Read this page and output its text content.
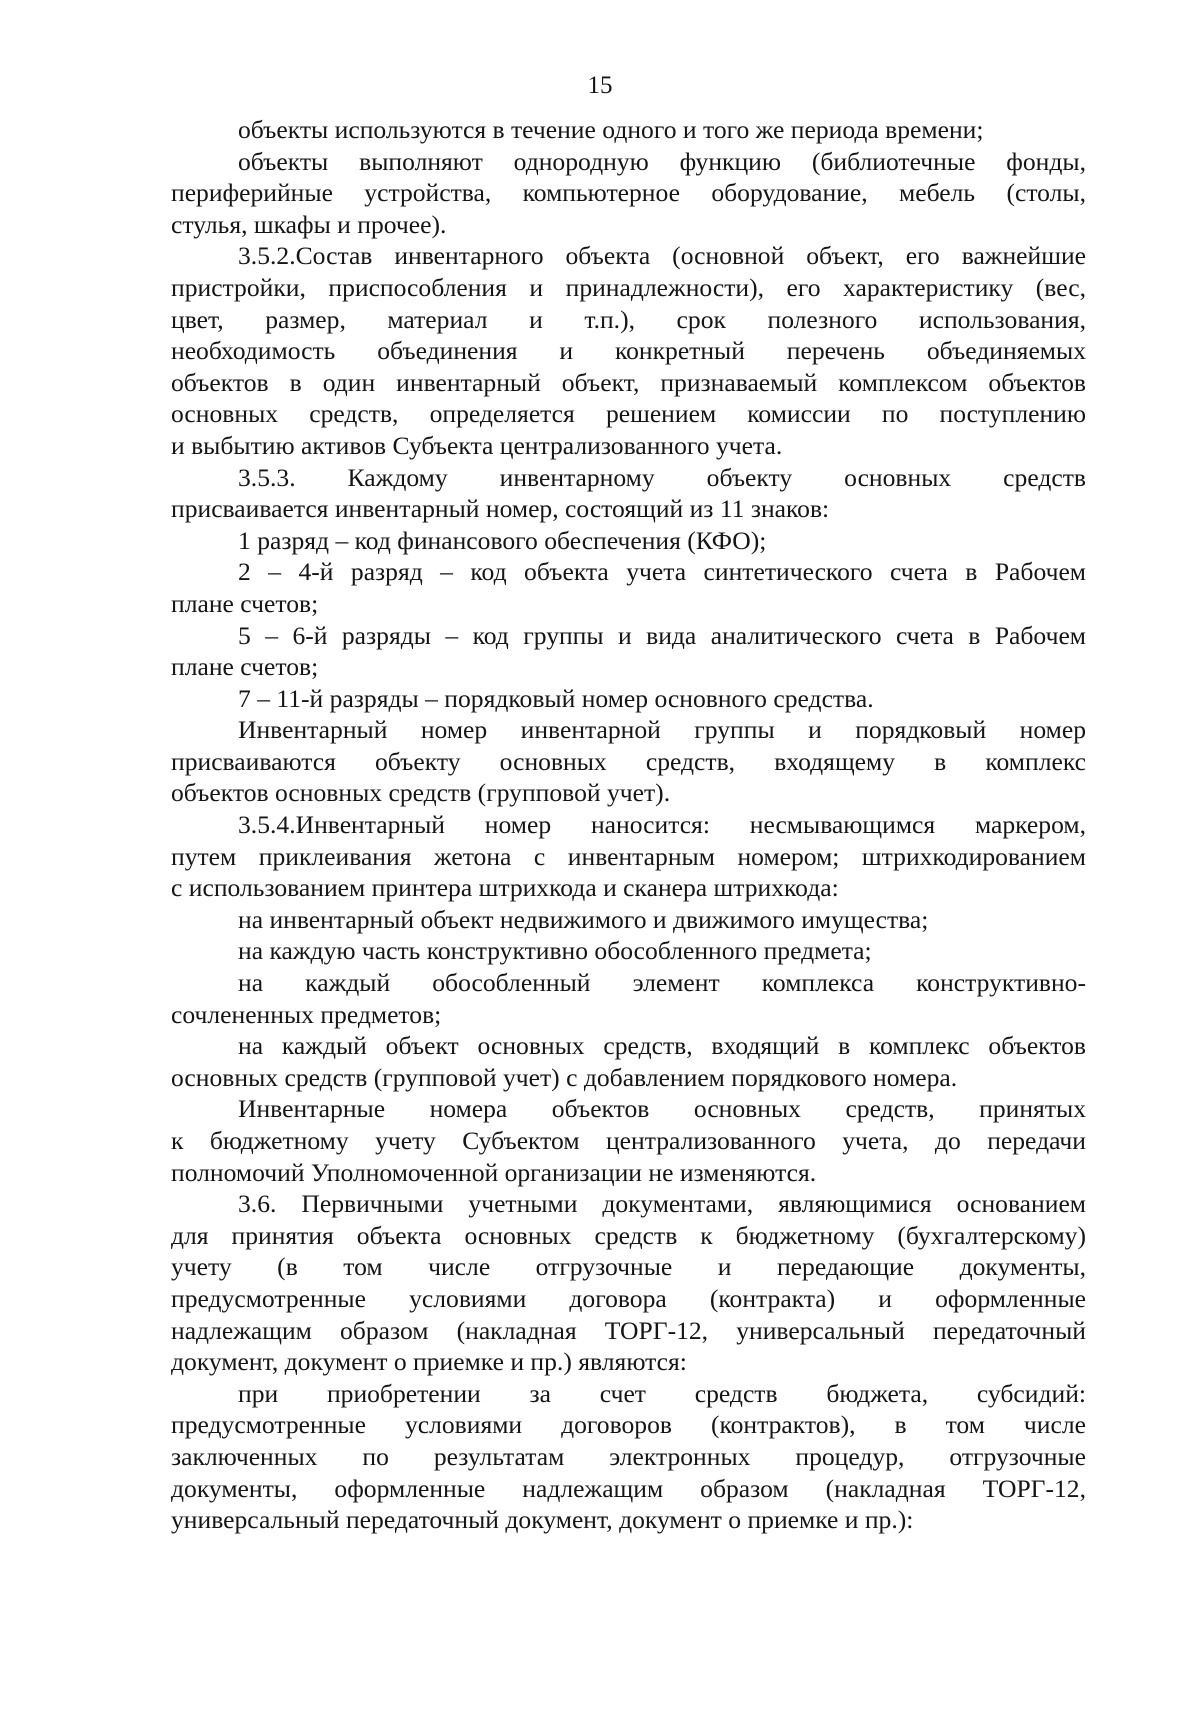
15
объекты используются в течение одного и того же периода времени;
объекты выполняют однородную функцию (библиотечные фонды,
периферийные устройства, компьютерное оборудование, мебель (столы,
стулья, шкафы и прочее).
3.5.2.Состав инвентарного объекта (основной объект, его важнейшие
пристройки, приспособления и принадлежности), его характеристику (вес,
цвет, размер, материал и т.п.), срок полезного использования,
необходимость объединения и конкретный перечень объединяемых
объектов в один инвентарный объект, признаваемый комплексом объектов
основных средств, определяется решением комиссии по поступлению
и выбытию активов Субъекта централизованного учета.
3.5.3. Каждому инвентарному объекту основных средств
присваивается инвентарный номер, состоящий из 11 знаков:
1 разряд – код финансового обеспечения (КФО);
2 – 4-й разряд – код объекта учета синтетического счета в Рабочем
плане счетов;
5 – 6-й разряды – код группы и вида аналитического счета в Рабочем
плане счетов;
7 – 11-й разряды – порядковый номер основного средства.
Инвентарный номер инвентарной группы и порядковый номер
присваиваются объекту основных средств, входящему в комплекс
объектов основных средств (групповой учет).
3.5.4.Инвентарный номер наносится: несмывающимся маркером,
путем приклеивания жетона с инвентарным номером; штрихкодированием
с использованием принтера штрихкода и сканера штрихкода:
на инвентарный объект недвижимого и движимого имущества;
на каждую часть конструктивно обособленного предмета;
на каждый обособленный элемент комплекса конструктивно-
сочлененных предметов;
на каждый объект основных средств, входящий в комплекс объектов
основных средств (групповой учет) с добавлением порядкового номера.
Инвентарные номера объектов основных средств, принятых
к бюджетному учету Субъектом централизованного учета, до передачи
полномочий Уполномоченной организации не изменяются.
3.6. Первичными учетными документами, являющимися основанием
для принятия объекта основных средств к бюджетному (бухгалтерскому)
учету (в том числе отгрузочные и передающие документы,
предусмотренные условиями договора (контракта) и оформленные
надлежащим образом (накладная ТОРГ-12, универсальный передаточный
документ, документ о приемке и пр.) являются:
при приобретении за счет средств бюджета, субсидий:
предусмотренные условиями договоров (контрактов), в том числе
заключенных по результатам электронных процедур, отгрузочные
документы, оформленные надлежащим образом (накладная ТОРГ-12,
универсальный передаточный документ, документ о приемке и пр.):
